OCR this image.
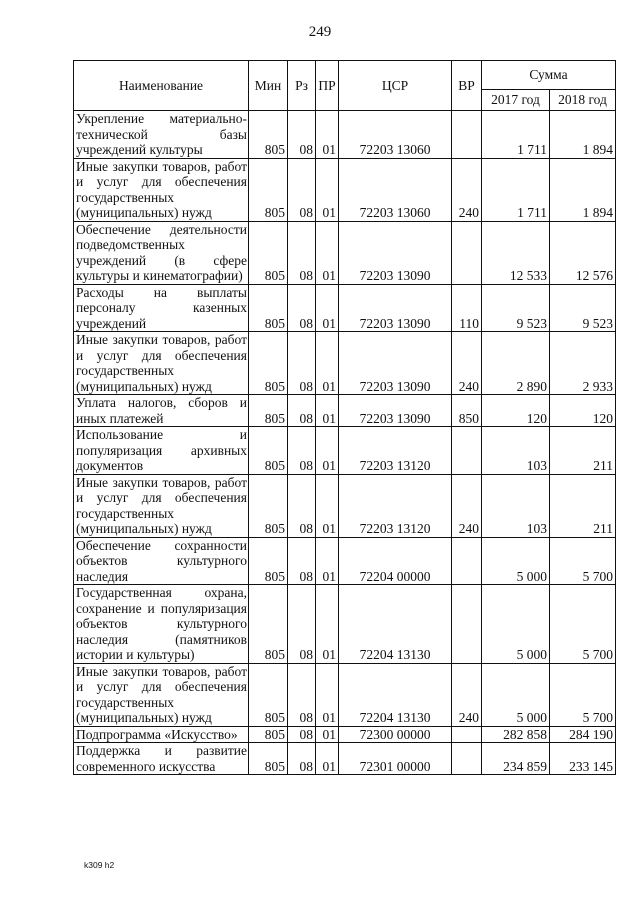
249
Наименование	Мин	Рз	ПР	ЦСР	ВР	Сумма	
						2017 год	2018 год
Укрепление материально-технической базы учреждений культуры	805	08	01	72203 13060		1 711	1 894
Иные закупки товаров, работ и услуг для обеспечения государственных (муниципальных) нужд	805	08	01	72203 13060	240	1 711	1 894
Обеспечение деятельности подведомственных учреждений (в сфере культуры и кинематографии)	805	08	01	72203 13090		12 533	12 576
Расходы на выплаты персоналу казенных учреждений	805	08	01	72203 13090	110	9 523	9 523
Иные закупки товаров, работ и услуг для обеспечения государственных (муниципальных) нужд	805	08	01	72203 13090	240	2 890	2 933
Уплата налогов, сборов и иных платежей	805	08	01	72203 13090	850	120	120
Использование и популяризация архивных документов	805	08	01	72203 13120		103	211
Иные закупки товаров, работ и услуг для обеспечения государственных (муниципальных) нужд	805	08	01	72203 13120	240	103	211
Обеспечение сохранности объектов культурного наследия	805	08	01	72204 00000		5 000	5 700
Государственная охрана, сохранение и популяризация объектов культурного наследия (памятников истории и культуры)	805	08	01	72204 13130		5 000	5 700
Иные закупки товаров, работ и услуг для обеспечения государственных (муниципальных) нужд	805	08	01	72204 13130	240	5 000	5 700
Подпрограмма «Искусство»	805	08	01	72300 00000		282 858	284 190
Поддержка и развитие современного искусства	805	08	01	72301 00000		234 859	233 145
k309 h2
